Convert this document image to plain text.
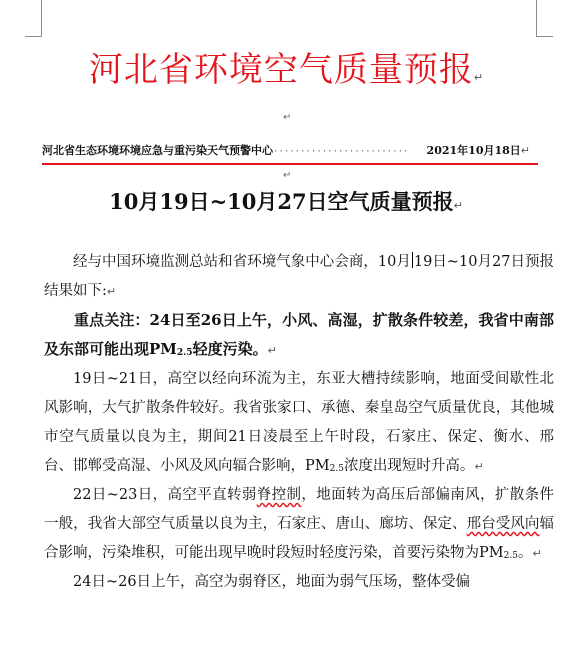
河北省环境空气质量预报↵
↵
河北省生态环境环境应急与重污染天气预警中心························· 2021年10月18日↵
↵
10月19日~10月27日空气质量预报↵

经与中国环境监测总站和省环境气象中心会商，10月 19日~10月27日预报结果如下:↵

重点关注：24日至26日上午，小风、高湿，扩散条件较差，我省中南部及东部可能出现$PM_{2.5}$轻度污染。↵

19日~21日，高空以经向环流为主，东亚大槽持续影响，地面受间歇性北风影响，大气扩散条件较好。我省张家口、承德、秦皇岛空气质量优良，其他城市空气质量以良为主，期间21日凌晨至上午时段，石家庄、保定、衡水、邢台、邯郸受高湿、小风及风向辐合影响，$PM_{2.5}$浓度出现短时升高。↵

22日~23日，高空平直转弱脊控制，地面转为高压后部偏南风，扩散条件一般，我省大部空气质量以良为主，石家庄、唐山、廊坊、保定、邢台受风向辐合影响，污染堆积，可能出现早晚时段短时轻度污染，首要污染物为$PM_{2.5}$。↵

24日~26日上午，高空为弱脊区，地面为弱气压场，整体受偏
